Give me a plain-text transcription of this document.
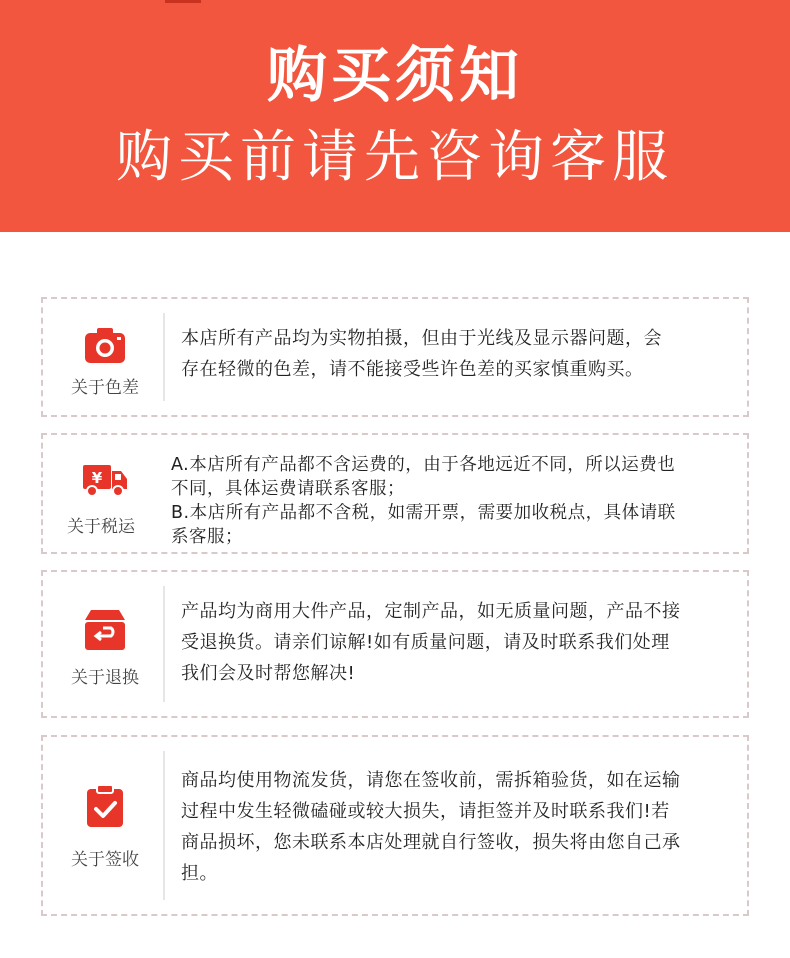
购买须知
购买前请先咨询客服
关于色差
本店所有产品均为实物拍摄，但由于光线及显示器问题，会
存在轻微的色差，请不能接受些许色差的买家慎重购买。
¥
关于税运
A.本店所有产品都不含运费的，由于各地远近不同，所以运费也
不同，具体运费请联系客服；
B.本店所有产品都不含税，如需开票，需要加收税点，具体请联
系客服；
关于退换
产品均为商用大件产品，定制产品，如无质量问题，产品不接
受退换货。请亲们谅解!如有质量问题，请及时联系我们处理
我们会及时帮您解决!
关于签收
商品均使用物流发货，请您在签收前，需拆箱验货，如在运输
过程中发生轻微磕碰或较大损失，请拒签并及时联系我们!若
商品损坏，您未联系本店处理就自行签收，损失将由您自己承
担。
